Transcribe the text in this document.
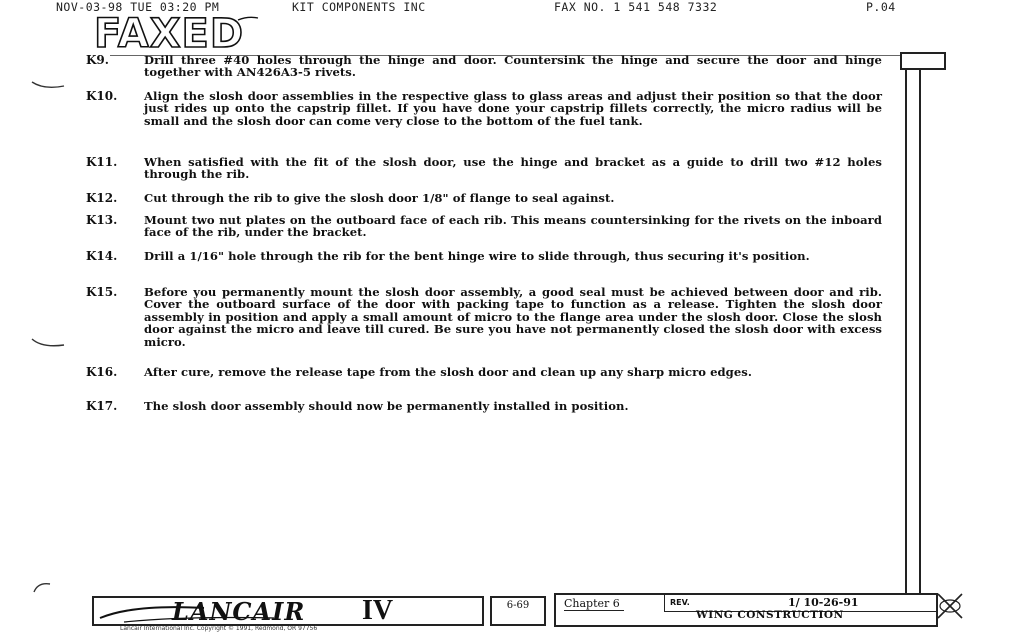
NOV-03-98 TUE 03:20 PM	KIT COMPONENTS INC	FAX NO. 1 541 548 7332	P.04
FAXED
K9.	Drill three #40 holes through the hinge and door. Countersink the hinge and secure the door and hinge together with AN426A3-5 rivets.
K10.	Align the slosh door assemblies in the respective glass to glass areas and adjust their position so that the door just rides up onto the capstrip fillet. If you have done your capstrip fillets correctly, the micro radius will be small and the slosh door can come very close to the bottom of the fuel tank.
K11.	When satisfied with the fit of the slosh door, use the hinge and bracket as a guide to drill two #12 holes through the rib.
K12.	Cut through the rib to give the slosh door 1/8" of flange to seal against.
K13.	Mount two nut plates on the outboard face of each rib. This means countersinking for the rivets on the inboard face of the rib, under the bracket.
K14.	Drill a 1/16" hole through the rib for the bent hinge wire to slide through, thus securing it's position.
K15.	Before you permanently mount the slosh door assembly, a good seal must be achieved between door and rib. Cover the outboard surface of the door with packing tape to function as a release. Tighten the slosh door assembly in position and apply a small amount of micro to the flange area under the slosh door. Close the slosh door against the micro and leave till cured. Be sure you have not permanently closed the slosh door with excess micro.
K16.	After cure, remove the release tape from the slosh door and clean up any sharp micro edges.
K17.	The slosh door assembly should now be permanently installed in position.
LANCAIR IV
Lancair International Inc. Copyright © 1991, Redmond, OR 97756
6-69	Chapter 6	REV.	1/ 10-26-91
WING CONSTRUCTION
